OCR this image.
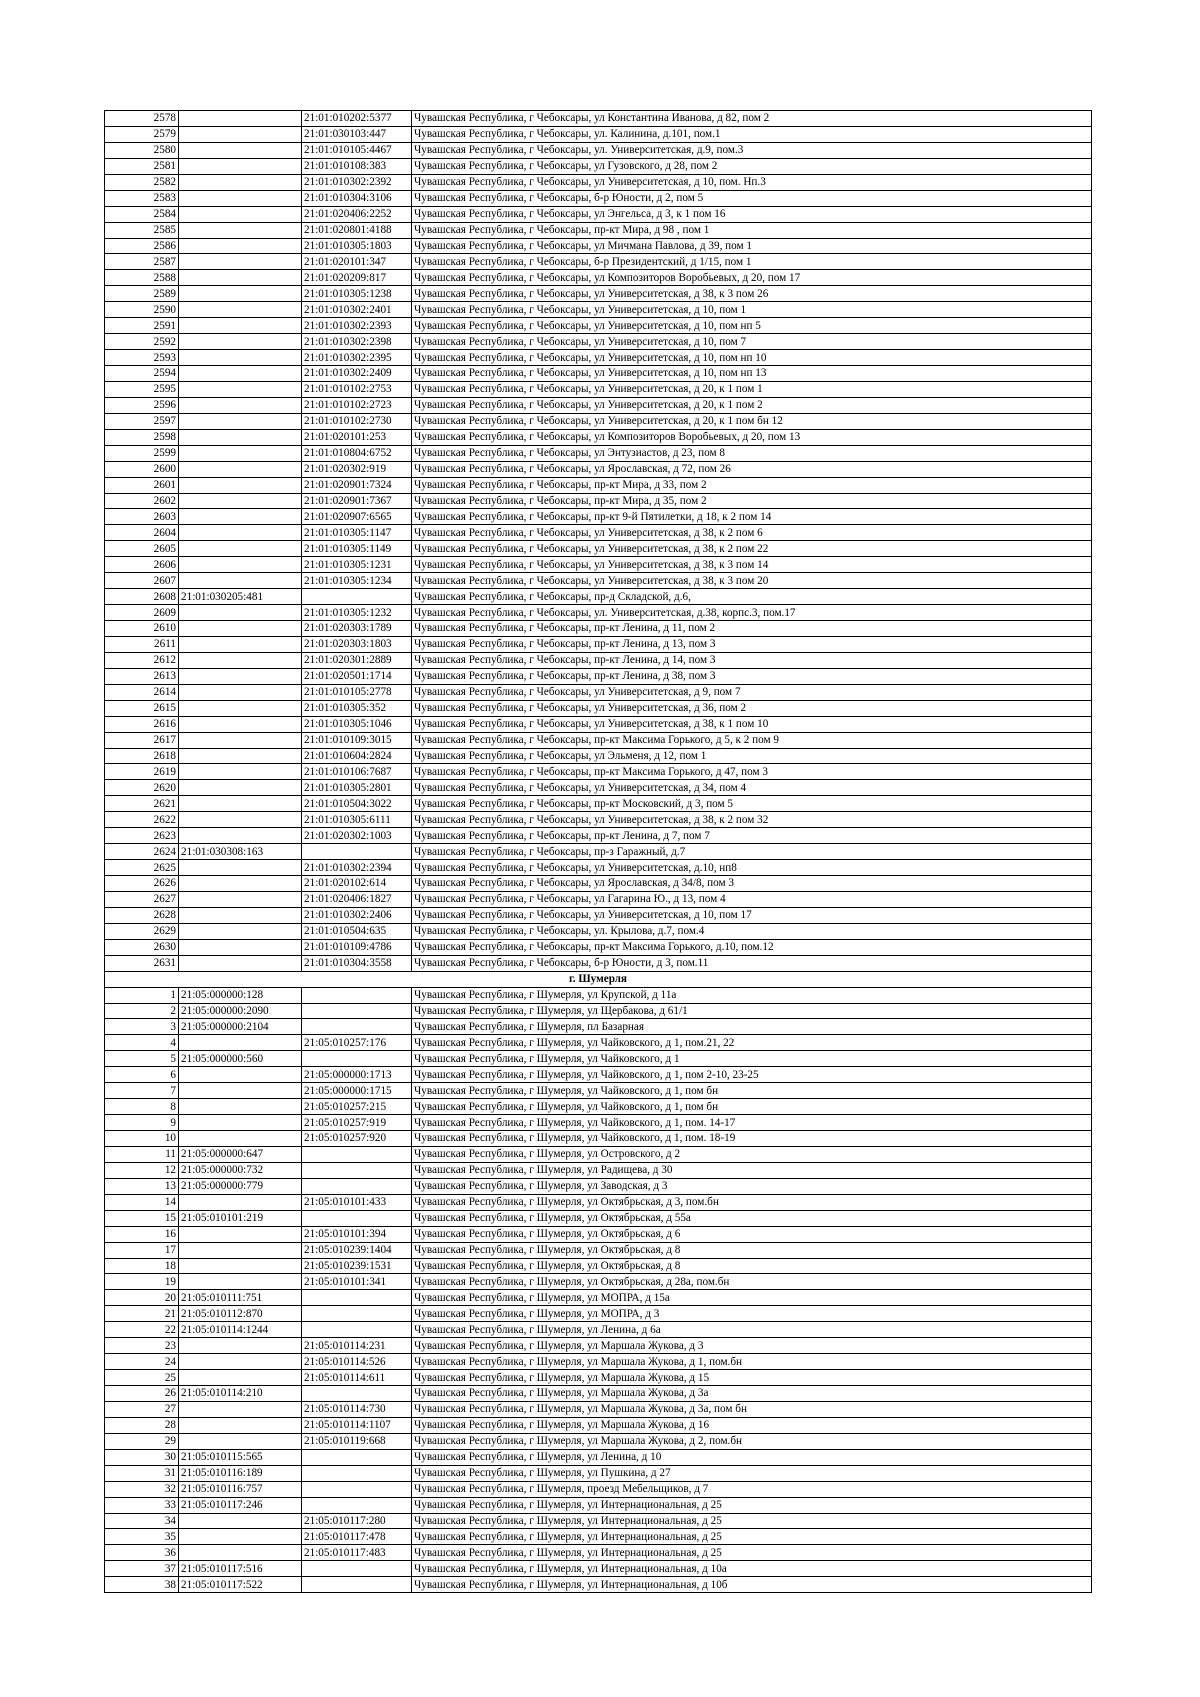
2578		21:01:010202:5377	Чувашская Республика, г Чебоксары, ул Константина Иванова, д 82, пом 2
2579		21:01:030103:447	Чувашская Республика, г Чебоксары, ул. Калинина, д.101, пом.1
2580		21:01:010105:4467	Чувашская Республика, г Чебоксары, ул. Университетская, д.9, пом.3
2581		21:01:010108:383	Чувашская Республика, г Чебоксары, ул Гузовского, д 28, пом 2
2582		21:01:010302:2392	Чувашская Республика, г Чебоксары, ул Университетская, д 10, пом. Нп.3
2583		21:01:010304:3106	Чувашская Республика, г Чебоксары, б-р Юности, д 2, пом 5
2584		21:01:020406:2252	Чувашская Республика, г Чебоксары, ул Энгельса, д 3, к 1 пом 16
2585		21:01:020801:4188	Чувашская Республика, г Чебоксары, пр-кт Мира, д 98 , пом 1
2586		21:01:010305:1803	Чувашская Республика, г Чебоксары, ул Мичмана Павлова, д 39, пом 1
2587		21:01:020101:347	Чувашская Республика, г Чебоксары, б-р Президентский, д 1/15, пом 1
2588		21:01:020209:817	Чувашская Республика, г Чебоксары, ул Композиторов Воробьевых, д 20, пом 17
2589		21:01:010305:1238	Чувашская Республика, г Чебоксары, ул Университетская, д 38, к 3 пом 26
2590		21:01:010302:2401	Чувашская Республика, г Чебоксары, ул Университетская, д 10, пом 1
2591		21:01:010302:2393	Чувашская Республика, г Чебоксары, ул Университетская, д 10, пом нп 5
2592		21:01:010302:2398	Чувашская Республика, г Чебоксары, ул Университетская, д 10, пом 7
2593		21:01:010302:2395	Чувашская Республика, г Чебоксары, ул Университетская, д 10, пом нп 10
2594		21:01:010302:2409	Чувашская Республика, г Чебоксары, ул Университетская, д 10, пом нп 13
2595		21:01:010102:2753	Чувашская Республика, г Чебоксары, ул Университетская, д 20, к 1 пом 1
2596		21:01:010102:2723	Чувашская Республика, г Чебоксары, ул Университетская, д 20, к 1 пом 2
2597		21:01:010102:2730	Чувашская Республика, г Чебоксары, ул Университетская, д 20, к 1 пом бн 12
2598		21:01:020101:253	Чувашская Республика, г Чебоксары, ул Композиторов Воробьевых, д 20, пом 13
2599		21:01:010804:6752	Чувашская Республика, г Чебоксары, ул Энтузиастов, д 23, пом 8
2600		21:01:020302:919	Чувашская Республика, г Чебоксары, ул Ярославская, д 72, пом 26
2601		21:01:020901:7324	Чувашская Республика, г Чебоксары, пр-кт Мира, д 33, пом 2
2602		21:01:020901:7367	Чувашская Республика, г Чебоксары, пр-кт Мира, д 35, пом 2
2603		21:01:020907:6565	Чувашская Республика, г Чебоксары, пр-кт 9-й Пятилетки, д 18, к 2 пом 14
2604		21:01:010305:1147	Чувашская Республика, г Чебоксары, ул Университетская, д 38, к 2 пом 6
2605		21:01:010305:1149	Чувашская Республика, г Чебоксары, ул Университетская, д 38, к 2 пом 22
2606		21:01:010305:1231	Чувашская Республика, г Чебоксары, ул Университетская, д 38, к 3 пом 14
2607		21:01:010305:1234	Чувашская Республика, г Чебоксары, ул Университетская, д 38, к 3 пом 20
2608	21:01:030205:481		Чувашская Республика, г Чебоксары, пр-д Складской, д.6,
2609		21:01:010305:1232	Чувашская Республика, г Чебоксары, ул. Университетская, д.38, корпс.3, пом.17
2610		21:01:020303:1789	Чувашская Республика, г Чебоксары, пр-кт Ленина, д 11, пом 2
2611		21:01:020303:1803	Чувашская Республика, г Чебоксары, пр-кт Ленина, д 13, пом 3
2612		21:01:020301:2889	Чувашская Республика, г Чебоксары, пр-кт Ленина, д 14, пом 3
2613		21:01:020501:1714	Чувашская Республика, г Чебоксары, пр-кт Ленина, д 38, пом 3
2614		21:01:010105:2778	Чувашская Республика, г Чебоксары, ул Университетская, д 9, пом 7
2615		21:01:010305:352	Чувашская Республика, г Чебоксары, ул Университетская, д 36, пом 2
2616		21:01:010305:1046	Чувашская Республика, г Чебоксары, ул Университетская, д 38, к 1 пом 10
2617		21:01:010109:3015	Чувашская Республика, г Чебоксары, пр-кт Максима Горького, д 5, к 2 пом 9
2618		21:01:010604:2824	Чувашская Республика, г Чебоксары, ул Эльменя, д 12, пом 1
2619		21:01:010106:7687	Чувашская Республика, г Чебоксары, пр-кт Максима Горького, д 47, пом 3
2620		21:01:010305:2801	Чувашская Республика, г Чебоксары, ул Университетская, д 34, пом 4
2621		21:01:010504:3022	Чувашская Республика, г Чебоксары, пр-кт Московский, д 3, пом 5
2622		21:01:010305:6111	Чувашская Республика, г Чебоксары, ул Университетская, д 38, к 2 пом 32
2623		21:01:020302:1003	Чувашская Республика, г Чебоксары, пр-кт Ленина, д 7, пом 7
2624	21:01:030308:163		Чувашская Республика, г Чебоксары, пр-з Гаражный, д.7
2625		21:01:010302:2394	Чувашская Республика, г Чебоксары, ул Университетская, д.10, нп8
2626		21:01:020102:614	Чувашская Республика, г Чебоксары, ул Ярославская, д 34/8, пом 3
2627		21:01:020406:1827	Чувашская Республика, г Чебоксары, ул Гагарина Ю., д 13, пом 4
2628		21:01:010302:2406	Чувашская Республика, г Чебоксары, ул Университетская, д 10, пом 17
2629		21:01:010504:635	Чувашская Республика, г Чебоксары, ул. Крылова, д.7, пом.4
2630		21:01:010109:4786	Чувашская Республика, г Чебоксары, пр-кт Максима Горького, д.10, пом.12
2631		21:01:010304:3558	Чувашская Республика, г Чебоксары, б-р Юности, д 3, пом.11
г. Шумерля			
1	21:05:000000:128		Чувашская Республика, г Шумерля, ул Крупской, д 11а
2	21:05:000000:2090		Чувашская Республика, г Шумерля, ул Щербакова, д 61/1
3	21:05:000000:2104		Чувашская Республика, г Шумерля, пл Базарная
4		21:05:010257:176	Чувашская Республика, г Шумерля, ул Чайковского, д 1, пом.21, 22
5	21:05:000000:560		Чувашская Республика, г Шумерля, ул Чайковского, д 1
6		21:05:000000:1713	Чувашская Республика, г Шумерля, ул Чайковского, д 1, пом 2-10, 23-25
7		21:05:000000:1715	Чувашская Республика, г Шумерля, ул Чайковского, д 1, пом бн
8		21:05:010257:215	Чувашская Республика, г Шумерля, ул Чайковского, д 1, пом бн
9		21:05:010257:919	Чувашская Республика, г Шумерля, ул Чайковского, д 1, пом. 14-17
10		21:05:010257:920	Чувашская Республика, г Шумерля, ул Чайковского, д 1, пом. 18-19
11	21:05:000000:647		Чувашская Республика, г Шумерля, ул Островского, д 2
12	21:05:000000:732		Чувашская Республика, г Шумерля, ул Радищева, д 30
13	21:05:000000:779		Чувашская Республика, г Шумерля, ул Заводская, д 3
14		21:05:010101:433	Чувашская Республика, г Шумерля, ул Октябрьская, д 3, пом.бн
15	21:05:010101:219		Чувашская Республика, г Шумерля, ул Октябрьская, д 55а
16		21:05:010101:394	Чувашская Республика, г Шумерля, ул Октябрьская, д 6
17		21:05:010239:1404	Чувашская Республика, г Шумерля, ул Октябрьская, д 8
18		21:05:010239:1531	Чувашская Республика, г Шумерля, ул Октябрьская, д 8
19		21:05:010101:341	Чувашская Республика, г Шумерля, ул Октябрьская, д 28а, пом.бн
20	21:05:010111:751		Чувашская Республика, г Шумерля, ул МОПРА, д 15а
21	21:05:010112:870		Чувашская Республика, г Шумерля, ул МОПРА, д 3
22	21:05:010114:1244		Чувашская Республика, г Шумерля, ул Ленина, д 6а
23		21:05:010114:231	Чувашская Республика, г Шумерля, ул Маршала Жукова, д 3
24		21:05:010114:526	Чувашская Республика, г Шумерля, ул Маршала Жукова, д 1, пом.бн
25		21:05:010114:611	Чувашская Республика, г Шумерля, ул Маршала Жукова, д 15
26	21:05:010114:210		Чувашская Республика, г Шумерля, ул Маршала Жукова, д 3а
27		21:05:010114:730	Чувашская Республика, г Шумерля, ул Маршала Жукова, д 3а, пом бн
28		21:05:010114:1107	Чувашская Республика, г Шумерля, ул Маршала Жукова, д 16
29		21:05:010119:668	Чувашская Республика, г Шумерля, ул Маршала Жукова, д 2, пом.бн
30	21:05:010115:565		Чувашская Республика, г Шумерля, ул Ленина, д 10
31	21:05:010116:189		Чувашская Республика, г Шумерля, ул Пушкина, д 27
32	21:05:010116:757		Чувашская Республика, г Шумерля, проезд Мебельщиков, д 7
33	21:05:010117:246		Чувашская Республика, г Шумерля, ул Интернациональная, д 25
34		21:05:010117:280	Чувашская Республика, г Шумерля, ул Интернациональная, д 25
35		21:05:010117:478	Чувашская Республика, г Шумерля, ул Интернациональная, д 25
36		21:05:010117:483	Чувашская Республика, г Шумерля, ул Интернациональная, д 25
37	21:05:010117:516		Чувашская Республика, г Шумерля, ул Интернациональная, д 10а
38	21:05:010117:522		Чувашская Республика, г Шумерля, ул Интернациональная, д 10б
